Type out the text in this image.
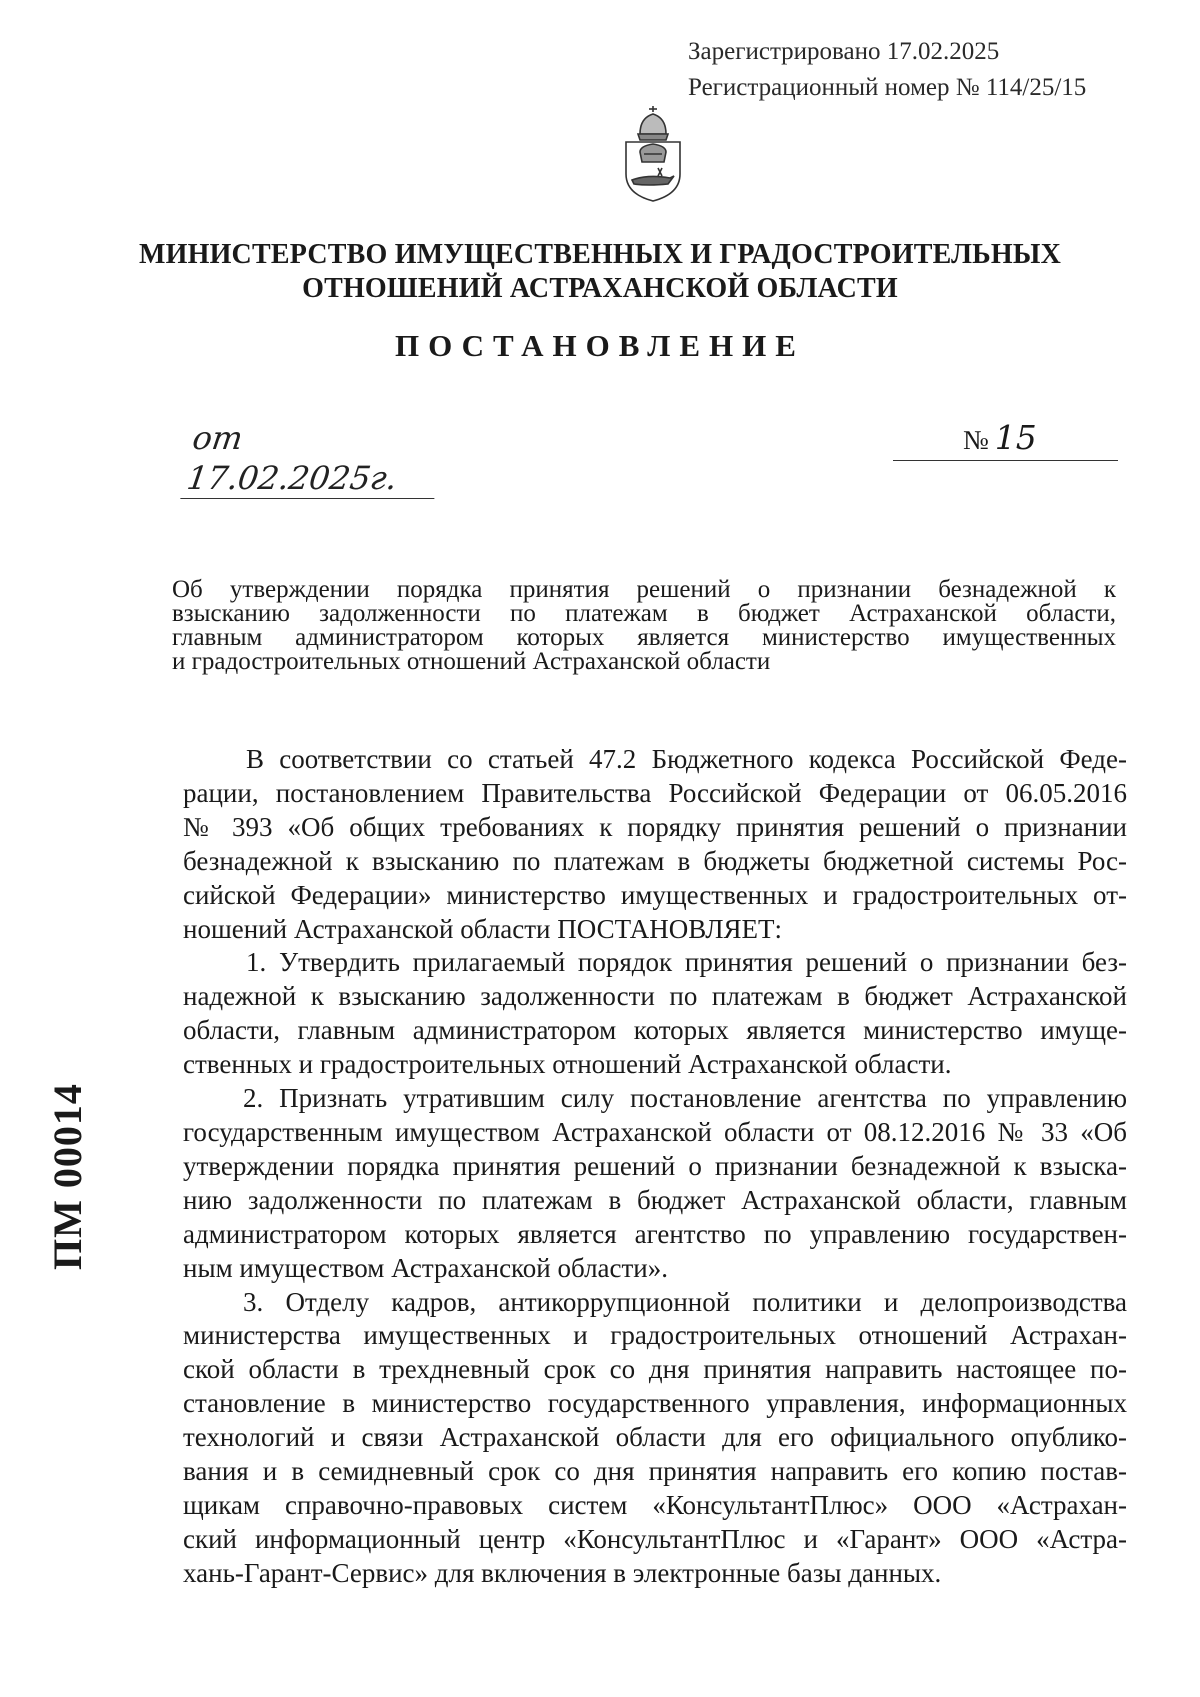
Зарегистрировано 17.02.2025
Регистрационный номер № 114/25/15
МИНИСТЕРСТВО ИМУЩЕСТВЕННЫХ И ГРАДОСТРОИТЕЛЬНЫХ
ОТНОШЕНИЙ АСТРАХАНСКОЙ ОБЛАСТИ
ПОСТАНОВЛЕНИЕ
от 17.02.2025г.
№ 15
Об утверждении порядка принятия решений о признании безнадежной к
взысканию задолженности по платежам в бюджет Астраханской области,
главным администратором которых является министерство имущественных
и градостроительных отношений Астраханской области
В соответствии со статьей 47.2 Бюджетного кодекса Российской Феде-
рации, постановлением Правительства Российской Федерации от 06.05.2016
№ 393 «Об общих требованиях к порядку принятия решений о признании
безнадежной к взысканию по платежам в бюджеты бюджетной системы Рос-
сийской Федерации» министерство имущественных и градостроительных от-
ношений Астраханской области ПОСТАНОВЛЯЕТ:
1. Утвердить прилагаемый порядок принятия решений о признании без-
надежной к взысканию задолженности по платежам в бюджет Астраханской
области, главным администратором которых является министерство имуще-
ственных и градостроительных отношений Астраханской области.
2. Признать утратившим силу постановление агентства по управлению
государственным имуществом Астраханской области от 08.12.2016 № 33 «Об
утверждении порядка принятия решений о признании безнадежной к взыска-
нию задолженности по платежам в бюджет Астраханской области, главным
администратором которых является агентство по управлению государствен-
ным имуществом Астраханской области».
3. Отделу кадров, антикоррупционной политики и делопроизводства
министерства имущественных и градостроительных отношений Астрахан-
ской области в трехдневный срок со дня принятия направить настоящее по-
становление в министерство государственного управления, информационных
технологий и связи Астраханской области для его официального опублико-
вания и в семидневный срок со дня принятия направить его копию постав-
щикам справочно-правовых систем «КонсультантПлюс» ООО «Астрахан-
ский информационный центр «КонсультантПлюс и «Гарант» ООО «Астра-
хань-Гарант-Сервис» для включения в электронные базы данных.
ПМ 00014
